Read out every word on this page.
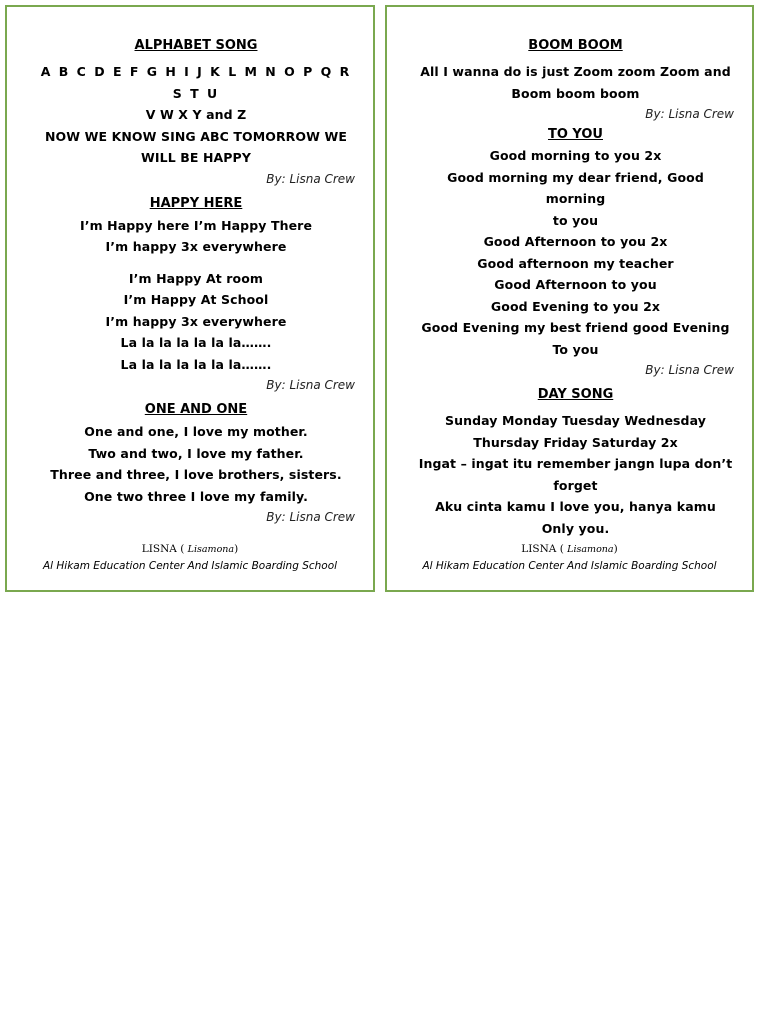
ALPHABET SONG
A B C D E F G H I J K L M N O P Q R S T U
V W X Y and Z
NOW WE KNOW SING ABC TOMORROW WE
WILL BE HAPPY
By: Lisna Crew
HAPPY HERE
I’m Happy here I’m Happy There
I’m happy 3x everywhere
I’m Happy At room
I’m Happy At School
I’m happy 3x everywhere
La la la la la la la…….
La la la la la la la…….
By: Lisna Crew
ONE AND ONE
One and one, I love my mother.
Two and two, I love my father.
Three and three, I love brothers, sisters.
One two three I love my family.
By: Lisna Crew
LISNA ( Lisamona)
Al Hikam Education Center And Islamic Boarding School
BOOM BOOM
All I wanna do is just Zoom zoom Zoom and
Boom boom boom
By: Lisna Crew
TO YOU
Good morning to you 2x
Good morning my dear friend, Good morning
to you
Good Afternoon to you 2x
Good afternoon my teacher
Good Afternoon to you
Good Evening to you 2x
Good Evening my best friend good Evening
To you
By: Lisna Crew
DAY SONG
Sunday Monday Tuesday Wednesday
Thursday Friday Saturday 2x
Ingat – ingat itu remember jangn lupa don’t
forget
Aku cinta kamu I love you, hanya kamu Only you.
LISNA ( Lisamona)
Al Hikam Education Center And Islamic Boarding School
